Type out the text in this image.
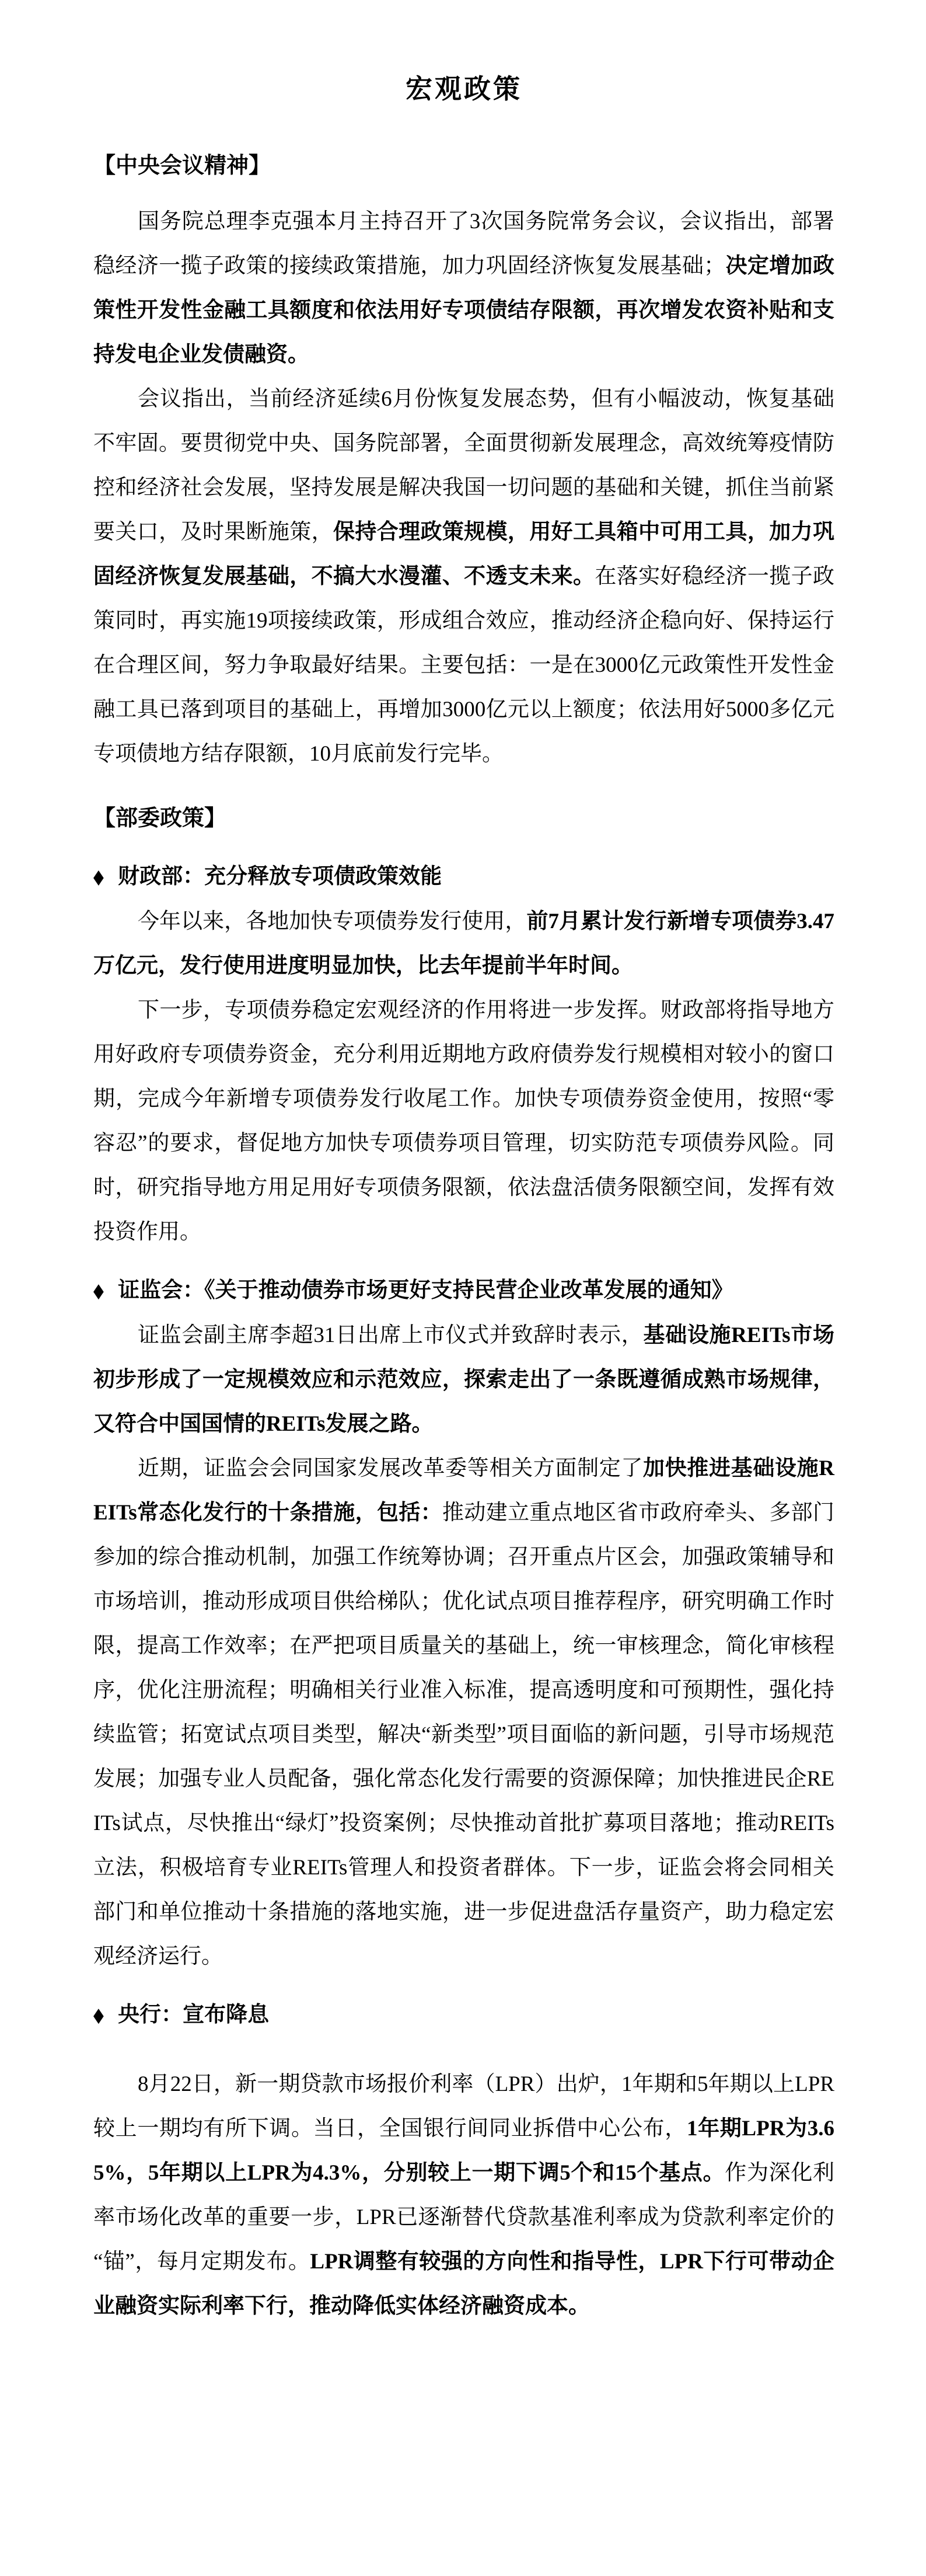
宏观政策
【中央会议精神】

国务院总理李克强本月主持召开了3次国务院常务会议，会议指出，部署稳经济一揽子政策的接续政策措施，加力巩固经济恢复发展基础；决定增加政策性开发性金融工具额度和依法用好专项债结存限额，再次增发农资补贴和支持发电企业发债融资。

会议指出，当前经济延续6月份恢复发展态势，但有小幅波动，恢复基础不牢固。要贯彻党中央、国务院部署，全面贯彻新发展理念，高效统筹疫情防控和经济社会发展，坚持发展是解决我国一切问题的基础和关键，抓住当前紧要关口，及时果断施策，保持合理政策规模，用好工具箱中可用工具，加力巩固经济恢复发展基础，不搞大水漫灌、不透支未来。在落实好稳经济一揽子政策同时，再实施19项接续政策，形成组合效应，推动经济企稳向好、保持运行在合理区间，努力争取最好结果。主要包括：一是在3000亿元政策性开发性金融工具已落到项目的基础上，再增加3000亿元以上额度；依法用好5000多亿元专项债地方结存限额，10月底前发行完毕。

【部委政策】
◆ 财政部：充分释放专项债政策效能

今年以来，各地加快专项债券发行使用，前7月累计发行新增专项债券3.47万亿元，发行使用进度明显加快，比去年提前半年时间。

下一步，专项债券稳定宏观经济的作用将进一步发挥。财政部将指导地方用好政府专项债券资金，充分利用近期地方政府债券发行规模相对较小的窗口期，完成今年新增专项债券发行收尾工作。加快专项债券资金使用，按照“零容忍”的要求，督促地方加快专项债券项目管理，切实防范专项债券风险。同时，研究指导地方用足用好专项债务限额，依法盘活债务限额空间，发挥有效投资作用。

◆ 证监会：《关于推动债券市场更好支持民营企业改革发展的通知》

证监会副主席李超31日出席上市仪式并致辞时表示，基础设施REITs市场初步形成了一定规模效应和示范效应，探索走出了一条既遵循成熟市场规律，又符合中国国情的REITs发展之路。

近期，证监会会同国家发展改革委等相关方面制定了加快推进基础设施REITs常态化发行的十条措施，包括：推动建立重点地区省市政府牵头、多部门参加的综合推动机制，加强工作统筹协调；召开重点片区会，加强政策辅导和市场培训，推动形成项目供给梯队；优化试点项目推荐程序，研究明确工作时限，提高工作效率；在严把项目质量关的基础上，统一审核理念，简化审核程序，优化注册流程；明确相关行业准入标准，提高透明度和可预期性，强化持续监管；拓宽试点项目类型，解决“新类型”项目面临的新问题，引导市场规范发展；加强专业人员配备，强化常态化发行需要的资源保障；加快推进民企REITs试点，尽快推出“绿灯”投资案例；尽快推动首批扩募项目落地；推动REITs立法，积极培育专业REITs管理人和投资者群体。下一步，证监会将会同相关部门和单位推动十条措施的落地实施，进一步促进盘活存量资产，助力稳定宏观经济运行。

◆ 央行：宣布降息

8月22日，新一期贷款市场报价利率（LPR）出炉，1年期和5年期以上LPR较上一期均有所下调。当日，全国银行间同业拆借中心公布，1年期LPR为3.65%，5年期以上LPR为4.3%，分别较上一期下调5个和15个基点。作为深化利率市场化改革的重要一步，LPR已逐渐替代贷款基准利率成为贷款利率定价的“锚”，每月定期发布。LPR调整有较强的方向性和指导性，LPR下行可带动企业融资实际利率下行，推动降低实体经济融资成本。
